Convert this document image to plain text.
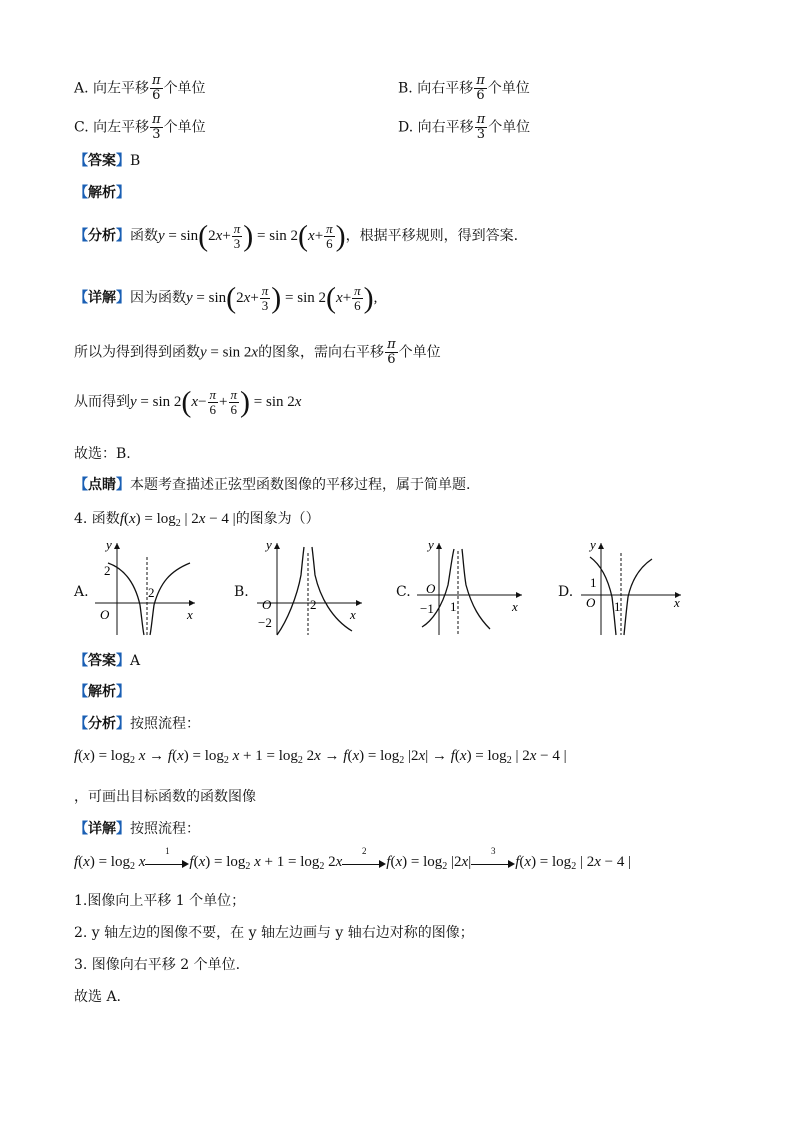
A. 向左平移 $\frac{\pi}{6}$ 个单位	B. 向右平移 $\frac{\pi}{6}$ 个单位
C. 向左平移 $\frac{\pi}{3}$ 个单位	D. 向右平移 $\frac{\pi}{3}$ 个单位
【答案】B
【解析】
【分析】函数$y = \sin(2x+ \frac{\pi}{3}$ ) = $\sin 2(x+ \frac{\pi}{6}$ )，根据平移规则，得到答案.
【详解】因为函数$y = \sin(2x+ \frac{\pi}{3}$ ) = $\sin 2(x+ \frac{\pi}{6}$ ),
所以为得到得到函数y = sin 2x的图象，需向右平移 $\frac{\pi}{6}$ 个单位
从而得到$y = \sin 2(x- \frac{\pi}{6} + \frac{\pi}{6}$ ) = sin 2x
故选：B.
【点睛】本题考查描述正弦型函数图像的平移过程，属于简单题.
4. 函数$f(x) = \log_2$ | 2x − 4 |的图象为（）
A.
y
x
O
2
2	B.
y
x
O	2
−2
C.
y
x
O
1
−1
D.
y
x
O
1
1
【答案】A
【解析】
【分析】按照流程：
$f(x) = \log_2 x \to f(x) = \log_2 x + 1 = \log_2 2x \to f(x) = \log_2 |2x| \to f(x) = \log_2$ | 2x − 4 |
，可画出目标函数的函数图像
【详解】按照流程：
$f(x) = \log_2 x$
1
$f(x) = \log_2 x + 1 = \log_2 2x$
2
$f(x) = \log_2 |2x|$
3
$f(x) = \log_2$ | 2x − 4 |
1.图像向上平移 1 个单位；
2. y 轴左边的图像不要，在 y 轴左边画与 y 轴右边对称的图像；
3. 图像向右平移 2 个单位.
故选 A.
